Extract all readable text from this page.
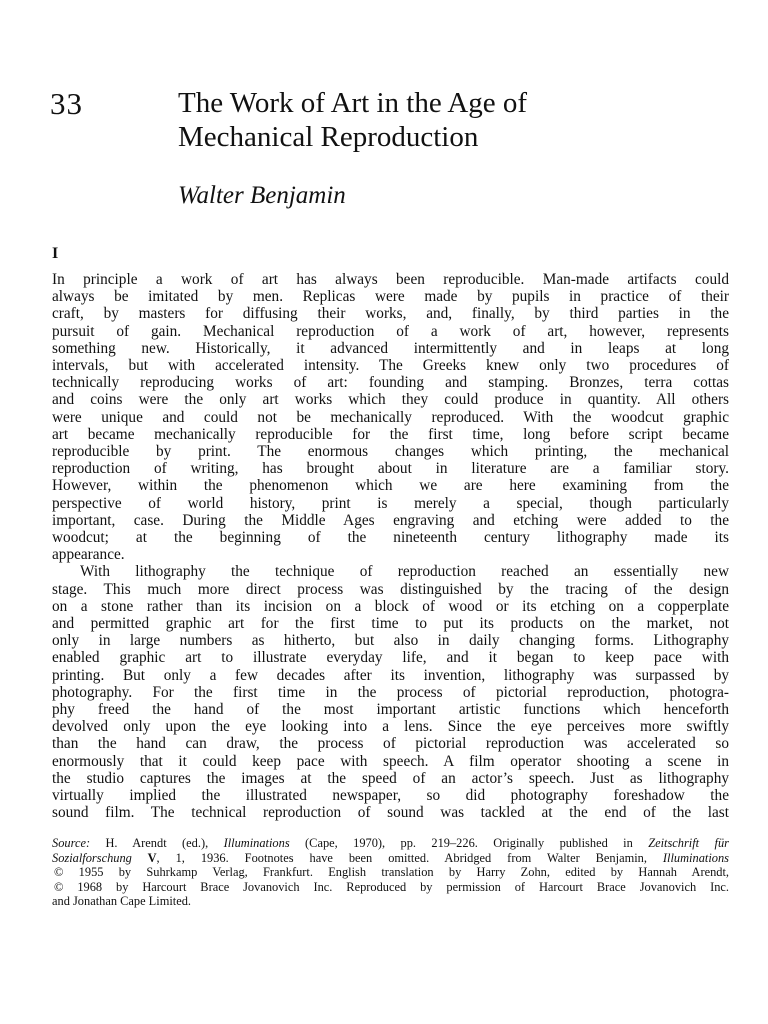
33	The Work of Art in the Age of
Mechanical Reproduction
Walter Benjamin
I
In principle a work of art has always been reproducible. Man-made artifacts could
always be imitated by men. Replicas were made by pupils in practice of their
craft, by masters for diffusing their works, and, finally, by third parties in the
pursuit of gain. Mechanical reproduction of a work of art, however, represents
something new. Historically, it advanced intermittently and in leaps at long
intervals, but with accelerated intensity. The Greeks knew only two procedures of
technically reproducing works of art: founding and stamping. Bronzes, terra cottas
and coins were the only art works which they could produce in quantity. All others
were unique and could not be mechanically reproduced. With the woodcut graphic
art became mechanically reproducible for the first time, long before script became
reproducible by print. The enormous changes which printing, the mechanical
reproduction of writing, has brought about in literature are a familiar story.
However, within the phenomenon which we are here examining from the
perspective of world history, print is merely a special, though particularly
important, case. During the Middle Ages engraving and etching were added to the
woodcut; at the beginning of the nineteenth century lithography made its
appearance.
With lithography the technique of reproduction reached an essentially new
stage. This much more direct process was distinguished by the tracing of the design
on a stone rather than its incision on a block of wood or its etching on a copperplate
and permitted graphic art for the first time to put its products on the market, not
only in large numbers as hitherto, but also in daily changing forms. Lithography
enabled graphic art to illustrate everyday life, and it began to keep pace with
printing. But only a few decades after its invention, lithography was surpassed by
photography. For the first time in the process of pictorial reproduction, photogra-
phy freed the hand of the most important artistic functions which henceforth
devolved only upon the eye looking into a lens. Since the eye perceives more swiftly
than the hand can draw, the process of pictorial reproduction was accelerated so
enormously that it could keep pace with speech. A film operator shooting a scene in
the studio captures the images at the speed of an actor’s speech. Just as lithography
virtually implied the illustrated newspaper, so did photography foreshadow the
sound film. The technical reproduction of sound was tackled at the end of the last
Source: H. Arendt (ed.), Illuminations (Cape, 1970), pp. 219–226. Originally published in Zeitschrift für
Sozialforschung V, 1, 1936. Footnotes have been omitted. Abridged from Walter Benjamin, Illuminations
© 1955 by Suhrkamp Verlag, Frankfurt. English translation by Harry Zohn, edited by Hannah Arendt,
© 1968 by Harcourt Brace Jovanovich Inc. Reproduced by permission of Harcourt Brace Jovanovich Inc.
and Jonathan Cape Limited.
